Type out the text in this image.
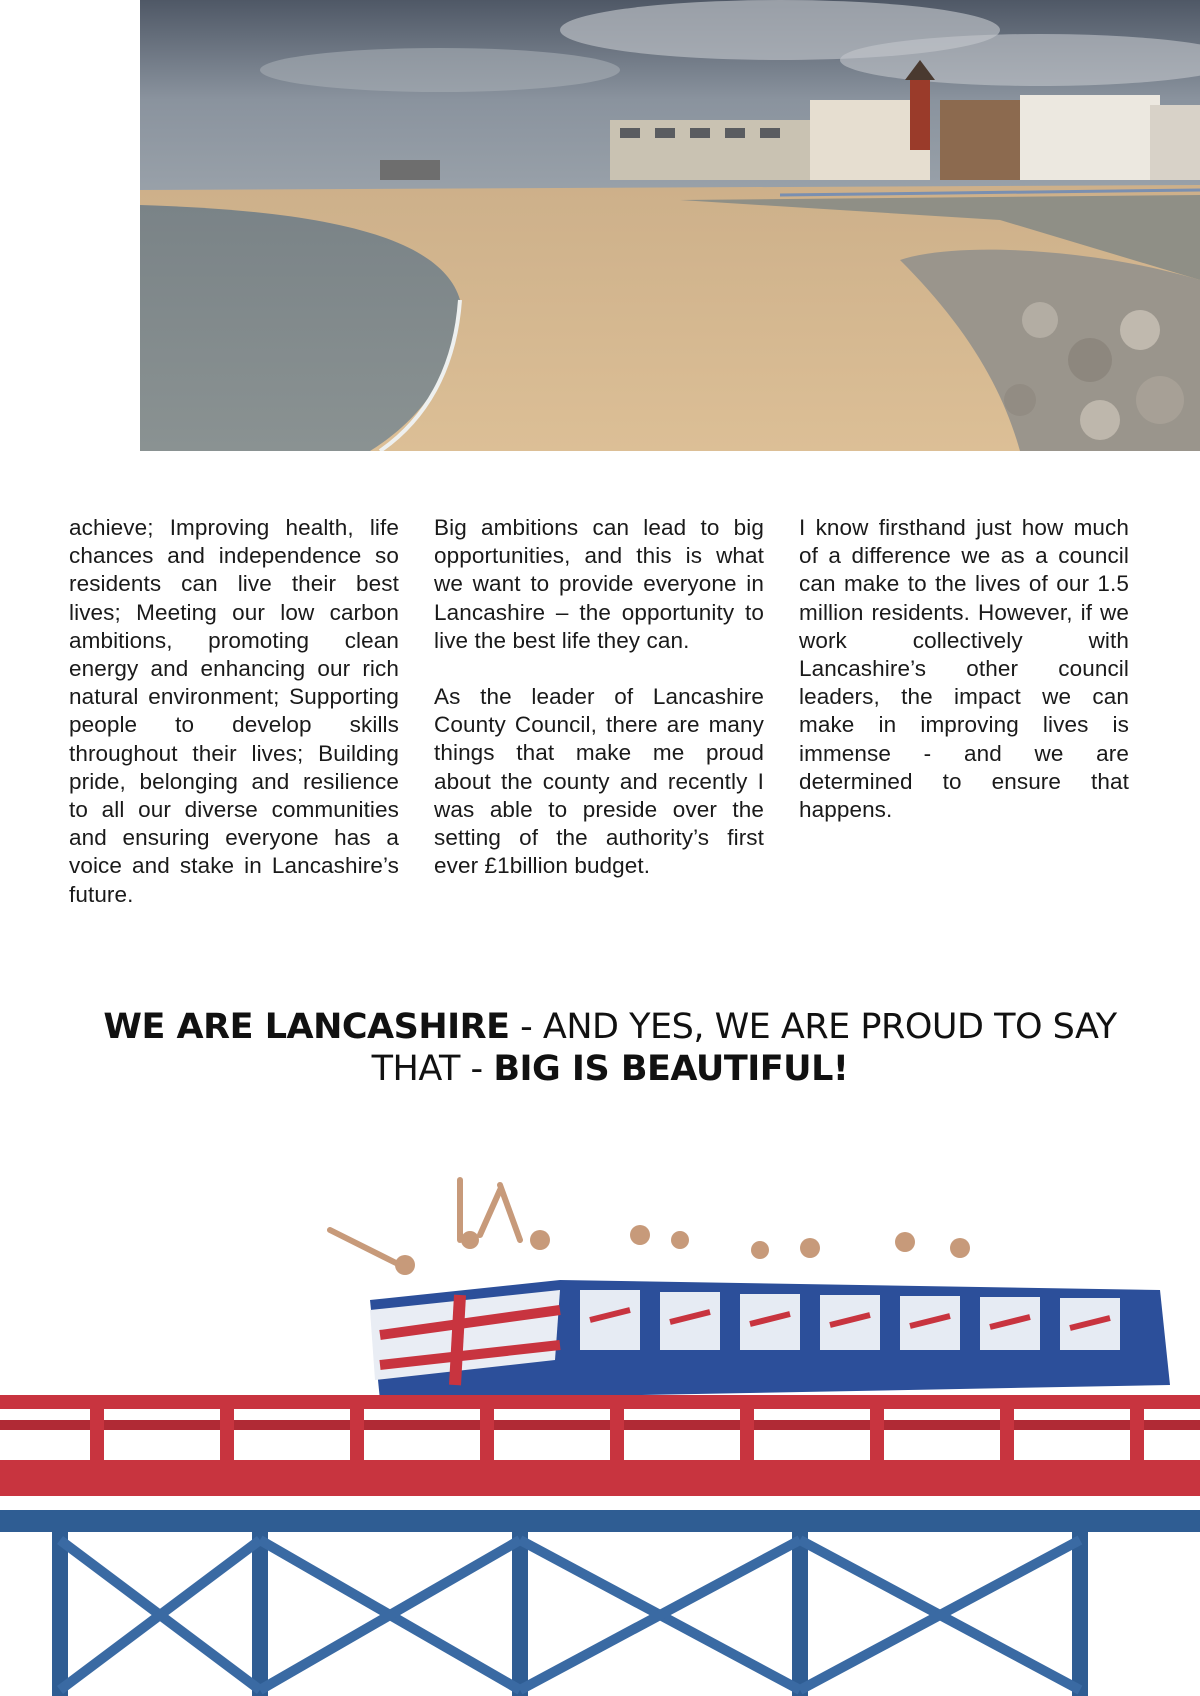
achieve; Improving health, life chances and independence so residents can live their best lives; Meeting our low carbon ambitions, promoting clean energy and enhancing our rich natural environment; Supporting people to develop skills throughout their lives; Building pride, belonging and resilience to all our diverse communities and ensuring everyone has a voice and stake in Lancashire’s future.

Big ambitions can lead to big opportunities, and this is what we want to provide everyone in Lancashire – the opportunity to live the best life they can.

As the leader of Lancashire County Council, there are many things that make me proud about the county and recently I was able to preside over the setting of the authority’s first ever £1billion budget.

I know firsthand just how much of a difference we as a council can make to the lives of our 1.5 million residents. However, if we work collectively with Lancashire’s other council leaders, the impact we can make in improving lives is immense - and we are determined to ensure that happens.

WE ARE LANCASHIRE - AND YES, WE ARE PROUD TO SAY THAT - BIG IS BEAUTIFUL!
